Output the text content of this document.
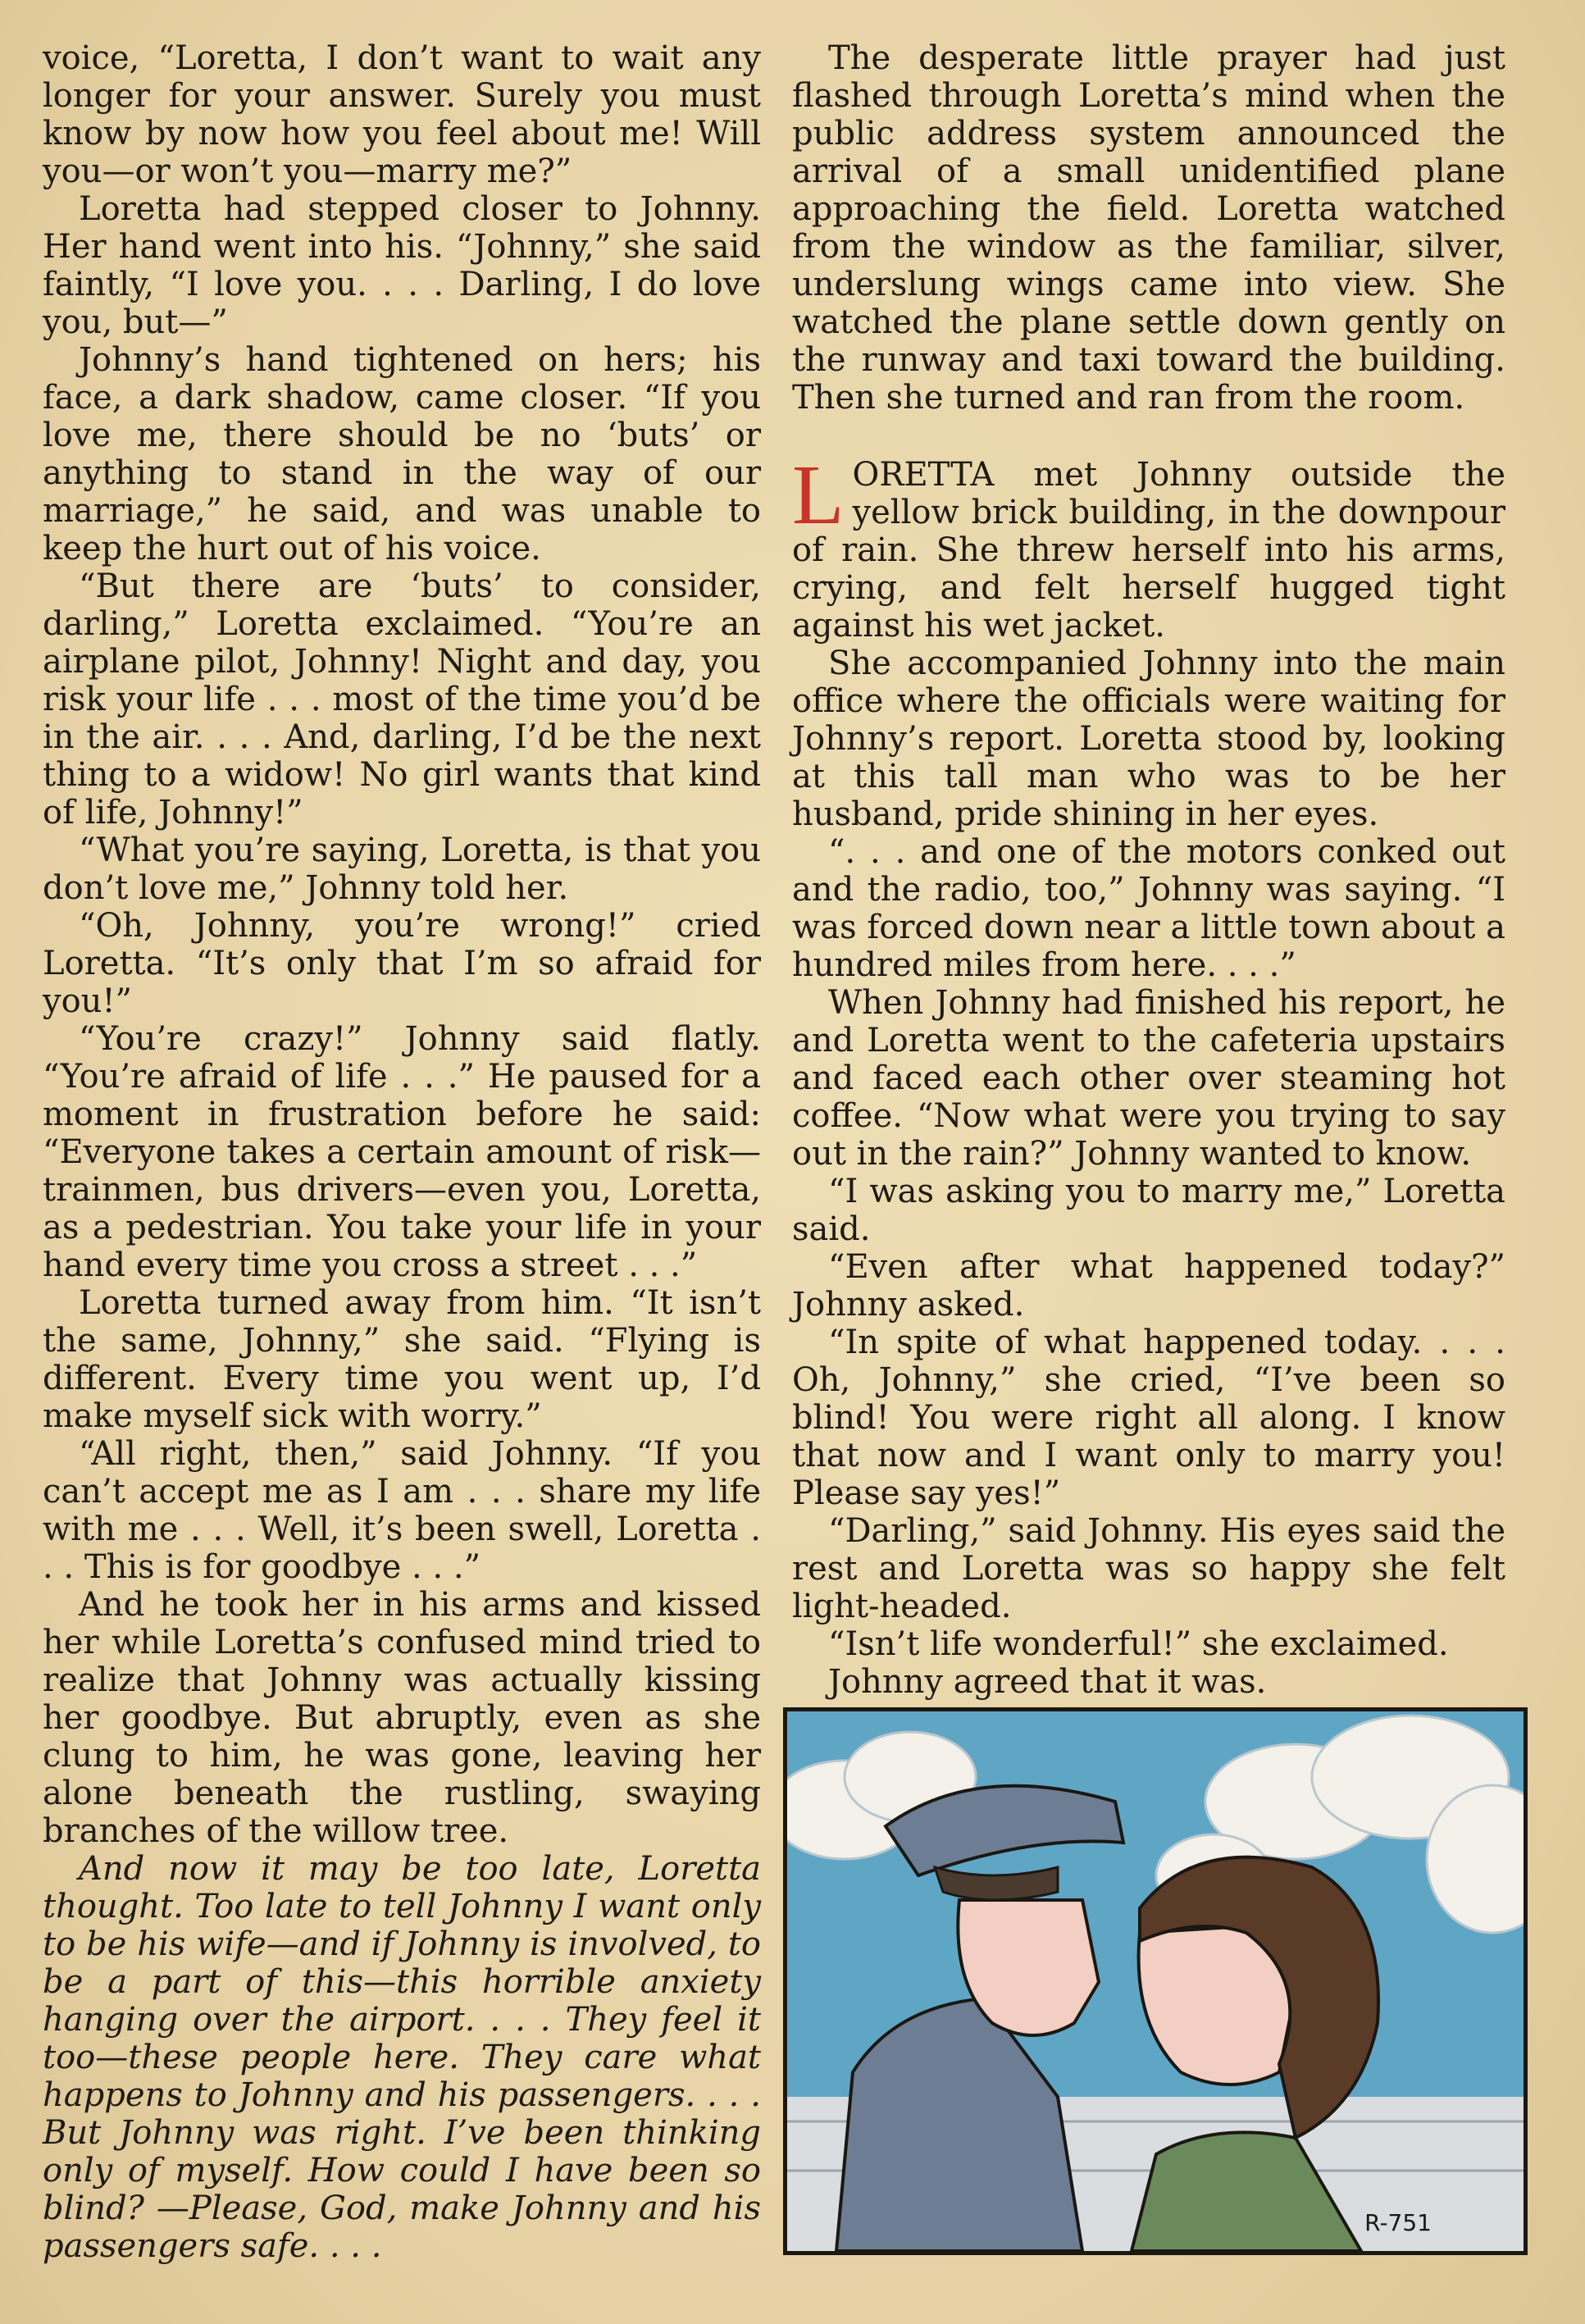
voice, “Loretta, I don’t want to wait any longer for your answer. Surely you must know by now how you feel about me! Will you—or won’t you—marry me?”

Loretta had stepped closer to Johnny. Her hand went into his. “Johnny,” she said faintly, “I love you. . . . Darling, I do love you, but—”

Johnny’s hand tightened on hers; his face, a dark shadow, came closer. “If you love me, there should be no ‘buts’ or anything to stand in the way of our marriage,” he said, and was unable to keep the hurt out of his voice.

“But there are ‘buts’ to consider, darling,” Loretta exclaimed. “You’re an airplane pilot, Johnny! Night and day, you risk your life . . . most of the time you’d be in the air. . . . And, darling, I’d be the next thing to a widow! No girl wants that kind of life, Johnny!”

“What you’re saying, Loretta, is that you don’t love me,” Johnny told her.

“Oh, Johnny, you’re wrong!” cried Loretta. “It’s only that I’m so afraid for you!”

“You’re crazy!” Johnny said flatly. “You’re afraid of life . . .” He paused for a moment in frustration before he said: “Everyone takes a certain amount of risk—trainmen, bus drivers—even you, Loretta, as a pedestrian. You take your life in your hand every time you cross a street . . .”

Loretta turned away from him. “It isn’t the same, Johnny,” she said. “Flying is different. Every time you went up, I’d make myself sick with worry.”

“All right, then,” said Johnny. “If you can’t accept me as I am . . . share my life with me . . . Well, it’s been swell, Loretta . . . This is for goodbye . . .”

And he took her in his arms and kissed her while Loretta’s confused mind tried to realize that Johnny was actually kissing her goodbye. But abruptly, even as she clung to him, he was gone, leaving her alone beneath the rustling, swaying branches of the willow tree.

And now it may be too late, Loretta thought. Too late to tell Johnny I want only to be his wife—and if Johnny is involved, to be a part of this—this horrible anxiety hanging over the airport. . . . They feel it too—these people here. They care what happens to Johnny and his passengers. . . . But Johnny was right. I’ve been thinking only of myself. How could I have been so blind? —Please, God, make Johnny and his passengers safe. . . .

The desperate little prayer had just flashed through Loretta’s mind when the public address system announced the arrival of a small unidentified plane approaching the field. Loretta watched from the window as the familiar, silver, underslung wings came into view. She watched the plane settle down gently on the runway and taxi toward the building. Then she turned and ran from the room.

LORETTA met Johnny outside the yellow brick building, in the downpour of rain. She threw herself into his arms, crying, and felt herself hugged tight against his wet jacket.

She accompanied Johnny into the main office where the officials were waiting for Johnny’s report. Loretta stood by, looking at this tall man who was to be her husband, pride shining in her eyes.

“. . . and one of the motors conked out and the radio, too,” Johnny was saying. “I was forced down near a little town about a hundred miles from here. . . .”

When Johnny had finished his report, he and Loretta went to the cafeteria upstairs and faced each other over steaming hot coffee. “Now what were you trying to say out in the rain?” Johnny wanted to know.

“I was asking you to marry me,” Loretta said.

“Even after what happened today?” Johnny asked.

“In spite of what happened today. . . . Oh, Johnny,” she cried, “I’ve been so blind! You were right all along. I know that now and I want only to marry you! Please say yes!”

“Darling,” said Johnny. His eyes said the rest and Loretta was so happy she felt light-headed.

“Isn’t life wonderful!” she exclaimed.

Johnny agreed that it was.

R-751
